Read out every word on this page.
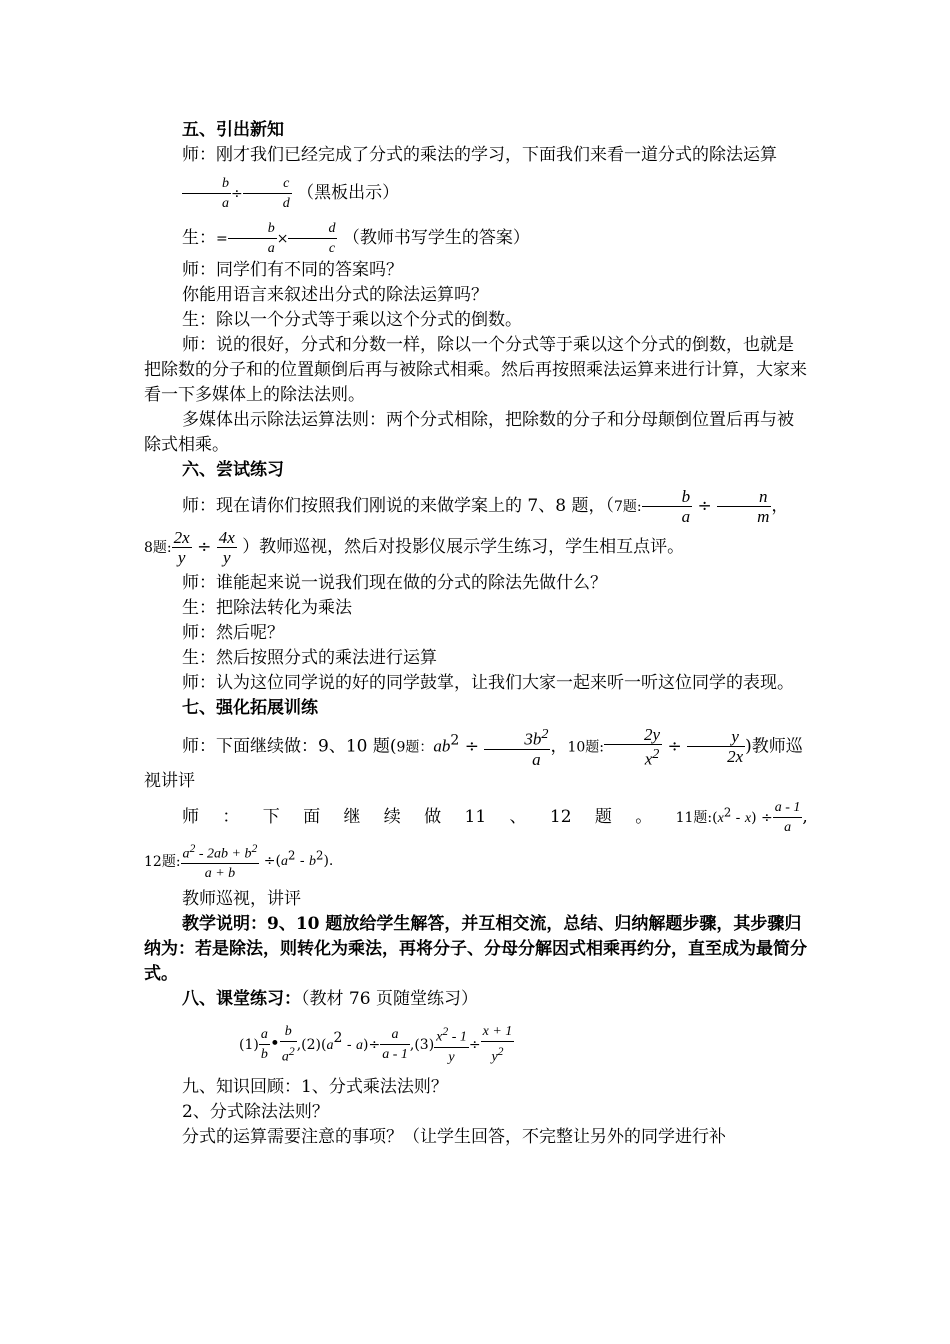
五、引出新知

师：刚才我们已经完成了分式的乘法的学习，下面我们来看一道分式的除法运算

$\frac{b}{a} \div \frac{c}{d}$ （黑板出示）

生：= $\frac{b}{a} \times \frac{d}{c}$ （教师书写学生的答案）

师：同学们有不同的答案吗？

你能用语言来叙述出分式的除法运算吗？

生：除以一个分式等于乘以这个分式的倒数。

师：说的很好，分式和分数一样，除以一个分式等于乘以这个分式的倒数，也就是把除数的分子和的位置颠倒后再与被除式相乘。然后再按照乘法运算来进行计算，大家来看一下多媒体上的除法法则。

多媒体出示除法运算法则：两个分式相除，把除数的分子和分母颠倒位置后再与被除式相乘。

六、尝试练习

师：现在请你们按照我们刚说的来做学案上的 7、8 题，（7题: $\frac{b}{a} \div \frac{n}{m}$ ，

8题: $\frac{2x}{y} \div \frac{4x}{y}$ ）教师巡视，然后对投影仪展示学生练习，学生相互点评。

师：谁能起来说一说我们现在做的分式的除法先做什么？

生：把除法转化为乘法

师：然后呢？

生：然后按照分式的乘法进行运算

师：认为这位同学说的好的同学鼓掌，让我们大家一起来听一听这位同学的表现。

七、强化拓展训练

师：下面继续做：9、10 题(9题：$ab^2 \div \frac{3b^2}{a}$ ，10题: $\frac{2y}{x^2} \div \frac{y}{2x}$ )教师巡视讲评

师 ： 下 面 继 续 做 11 、 12 题 。 11题$:(x^2 - x) \div \frac{a - 1}{a}$ ,

12题: $\frac{a^2 - 2ab + b^2}{a + b} \div(a^2 - b^2)$.

教师巡视，讲评

教学说明：9、10 题放给学生解答，并互相交流，总结、归纳解题步骤，其步骤归纳为：若是除法，则转化为乘法，再将分子、分母分解因式相乘再约分，直至成为最简分式。

八、课堂练习：（教材 76 页随堂练习）

$(1) \frac{a}{b}$ • $\frac{b}{a^2} ,(2)(a^2 - a)\div \frac{a}{a - 1} ,(3) \frac{x^2 - 1}{y} \div \frac{x + 1}{y^2}$

九、知识回顾：1、分式乘法法则？

2、分式除法法则？

分式的运算需要注意的事项？（让学生回答，不完整让另外的同学进行补
